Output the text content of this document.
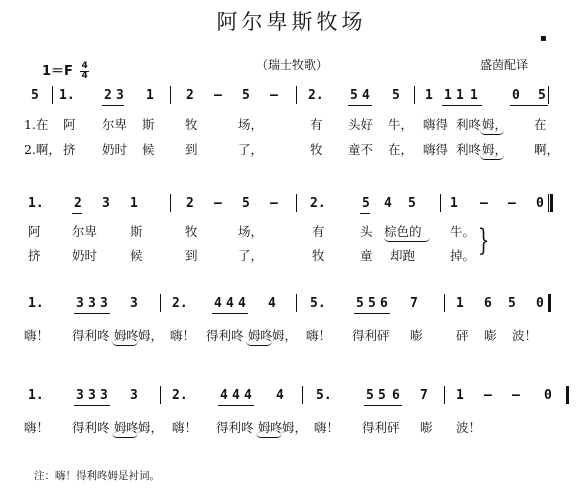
阿尔卑斯牧场
▪
$1=F \frac{4}{4}$	（瑞士牧歌）	盛茵配译
5 1. 2 3 1 2 – 5 – 2. 5 4 5 1 1 1 1	0 5
1.在 阿 尔卑 斯 牧	场，	有 头好 牛， 嗨得 利咚 姆， 在
2.啊， 挤 奶时 候 到	了，	牧 童不 在， 嗨得 利咚 姆， 啊，
1. 2 3 1	2 – 5 – 2.	5 4 5	1 – – 0
阿	尔卑	斯	牧	场，	有	头 棕色的 牛。
挤	奶时	候	到	了，	牧	童 却跑	掉。
1. 3 3 3 3	2. 4 4 4 4	5. 5 5 6 7	1 6 5 0
嗨！ 得利咚 姆 咚 姆， 嗨！ 得利咚 姆 咚 姆， 嗨！ 得利砰 嘭	砰 嘭 波！
1. 3 3 3 3	2. 4 4 4 4 5.	5 5 6 7 1 – – 0
嗨！ 得利咚 姆 咚 姆， 嗨！ 得利咚 姆 咚 姆， 嗨！ 得利砰 嘭 波！
}
注：嗨！得利咚姆是衬词。
